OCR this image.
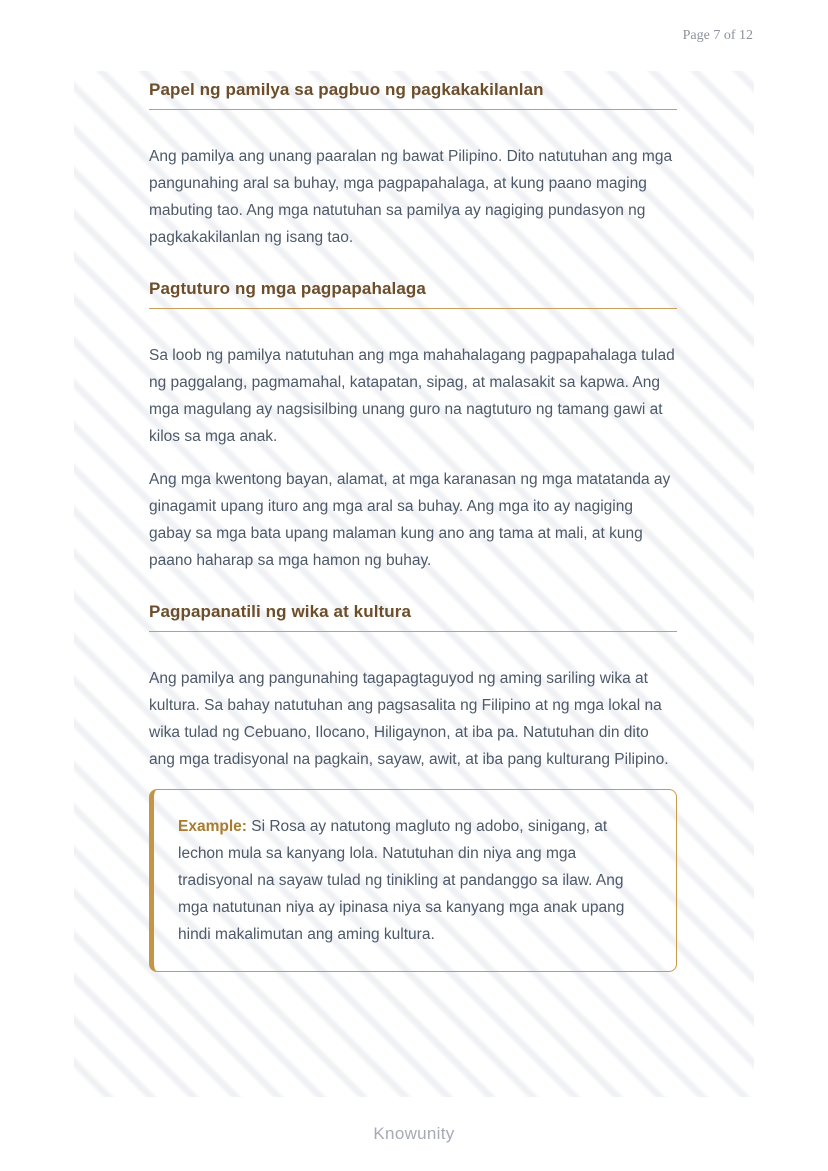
Page 7 of 12
Papel ng pamilya sa pagbuo ng pagkakakilanlan

Ang pamilya ang unang paaralan ng bawat Pilipino. Dito natutuhan ang mga pangunahing aral sa buhay, mga pagpapahalaga, at kung paano maging mabuting tao. Ang mga natutuhan sa pamilya ay nagiging pundasyon ng pagkakakilanlan ng isang tao.

Pagtuturo ng mga pagpapahalaga

Sa loob ng pamilya natutuhan ang mga mahahalagang pagpapahalaga tulad ng paggalang, pagmamahal, katapatan, sipag, at malasakit sa kapwa. Ang mga magulang ay nagsisilbing unang guro na nagtuturo ng tamang gawi at kilos sa mga anak.

Ang mga kwentong bayan, alamat, at mga karanasan ng mga matatanda ay ginagamit upang ituro ang mga aral sa buhay. Ang mga ito ay nagiging gabay sa mga bata upang malaman kung ano ang tama at mali, at kung paano haharap sa mga hamon ng buhay.

Pagpapanatili ng wika at kultura

Ang pamilya ang pangunahing tagapagtaguyod ng aming sariling wika at kultura. Sa bahay natutuhan ang pagsasalita ng Filipino at ng mga lokal na wika tulad ng Cebuano, Ilocano, Hiligaynon, at iba pa. Natutuhan din dito ang mga tradisyonal na pagkain, sayaw, awit, at iba pang kulturang Pilipino.

Example: Si Rosa ay natutong magluto ng adobo, sinigang, at lechon mula sa kanyang lola. Natutuhan din niya ang mga tradisyonal na sayaw tulad ng tinikling at pandanggo sa ilaw. Ang mga natutunan niya ay ipinasa niya sa kanyang mga anak upang hindi makalimutan ang aming kultura.

Knowunity
